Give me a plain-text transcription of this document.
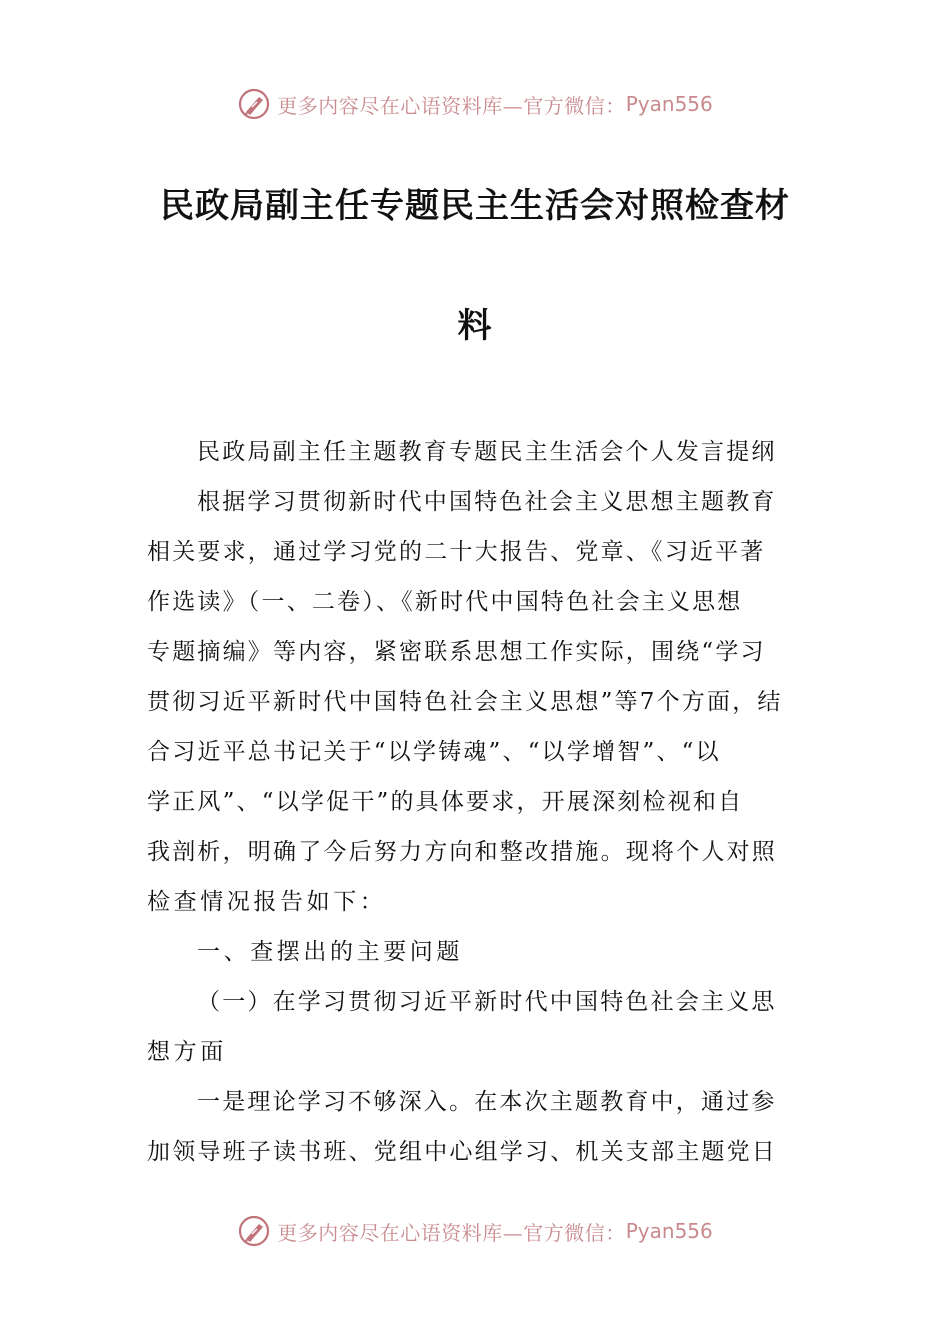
更多内容尽在心语资料库—官方微信： Pyan556
民政局副主任专题民主生活会对照检查材
料
民政局副主任主题教育专题民主生活会个人发言提纲
根据学习贯彻新时代中国特色社会主义思想主题教育
相关要求，通过学习党的二十大报告、党章、《习近平著
作选读》（一、二卷）、《新时代中国特色社会主义思想
专题摘编》等内容，紧密联系思想工作实际，围绕“学习
贯彻习近平新时代中国特色社会主义思想”等7个方面，结
合习近平总书记关于“以学铸魂”、“以学增智”、“以
学正风”、“以学促干”的具体要求，开展深刻检视和自
我剖析，明确了今后努力方向和整改措施。现将个人对照
检查情况报告如下：
一、查摆出的主要问题
（一）在学习贯彻习近平新时代中国特色社会主义思
想方面
一是理论学习不够深入。在本次主题教育中，通过参
加领导班子读书班、党组中心组学习、机关支部主题党日
更多内容尽在心语资料库—官方微信： Pyan556
